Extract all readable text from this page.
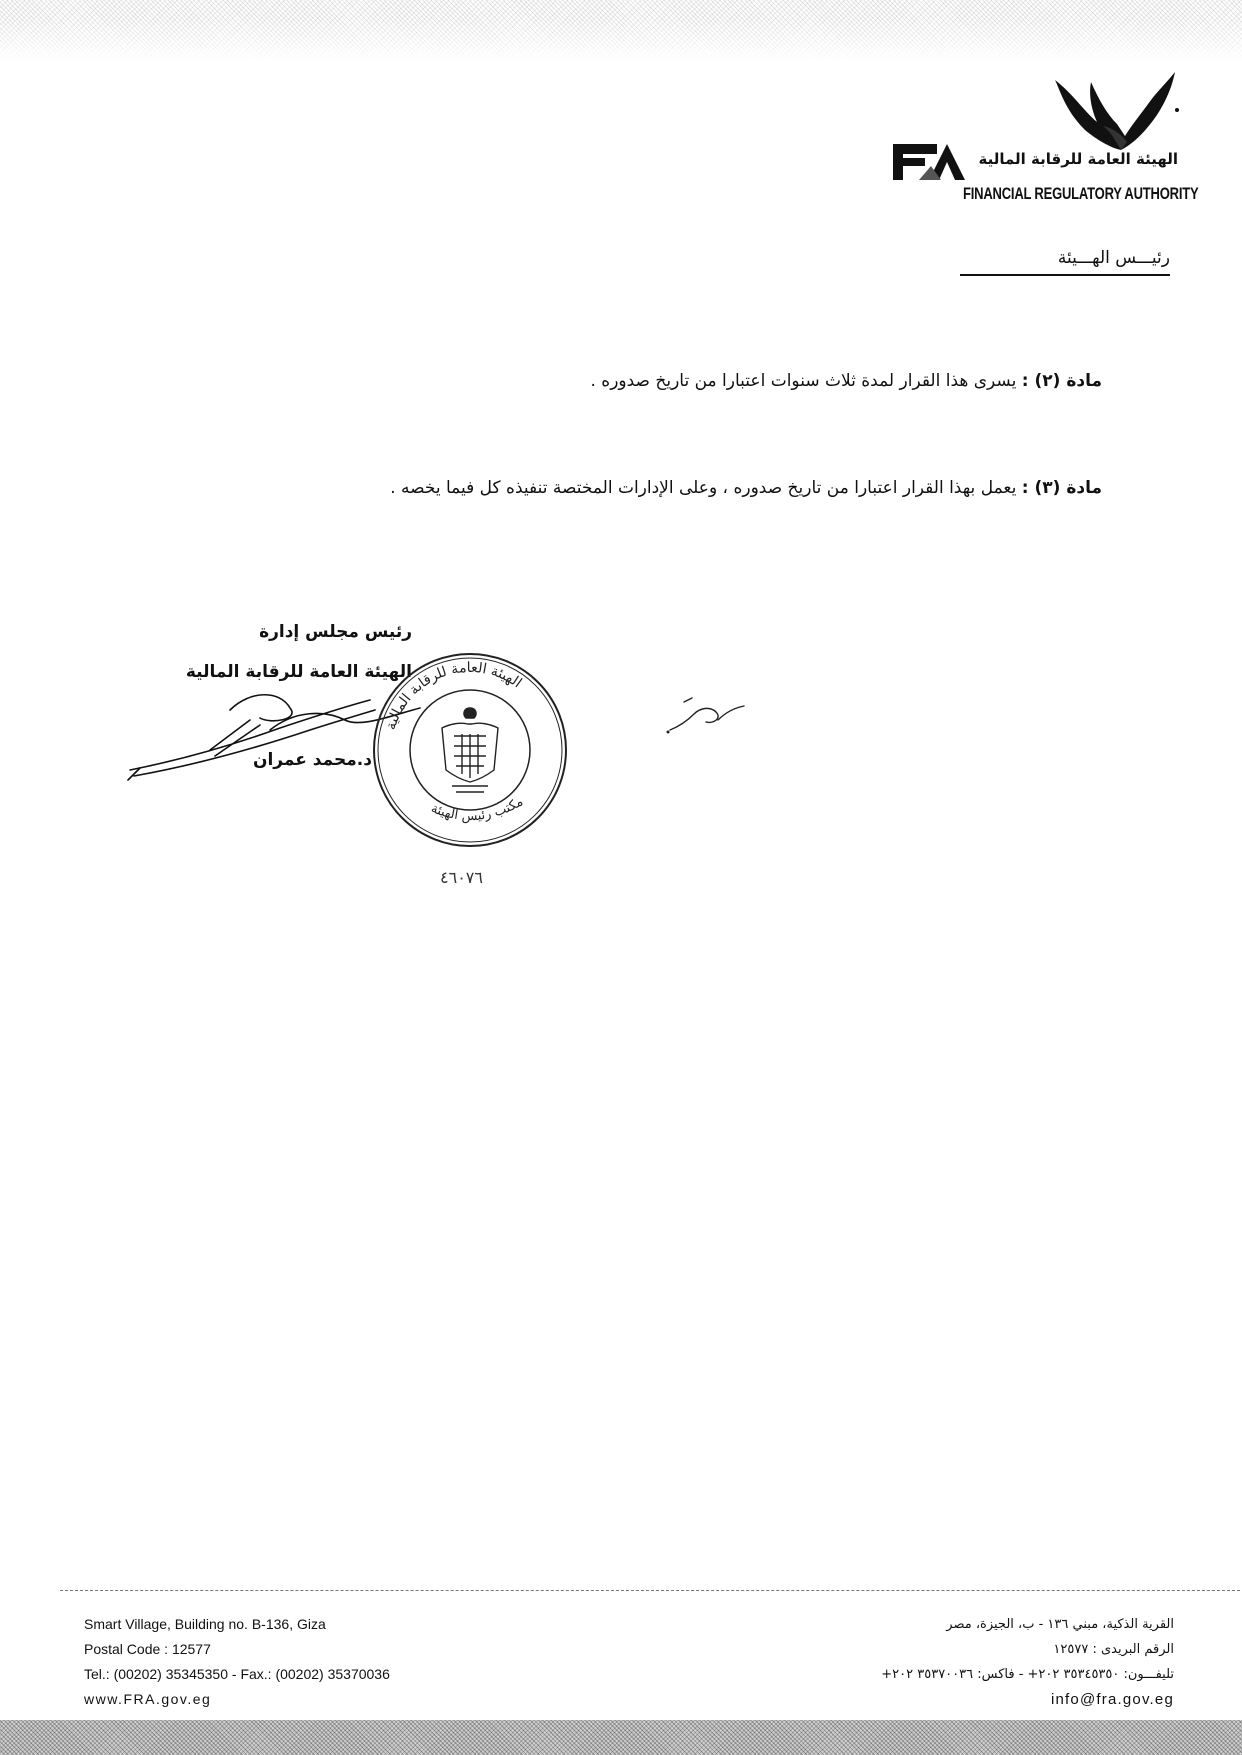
الهيئة العامة للرقابة المالية
FINANCIAL REGULATORY AUTHORITY
رئيـــس الهـــيئة
مادة (٢) : يسرى هذا القرار لمدة ثلاث سنوات اعتبارا من تاريخ صدوره .
مادة (٣) : يعمل بهذا القرار اعتبارا من تاريخ صدوره ، وعلى الإدارات المختصة تنفيذه كل فيما يخصه .
رئيس مجلس إدارة
الهيئة العامة للرقابة المالية
د.محمد عمران
الهيئة العامة للرقابة المالية
مكتب رئيس الهيئة
٤٦٠٧٦
Smart Village, Building no. B-136, Giza
Postal Code : 12577
Tel.: (00202) 35345350 - Fax.: (00202) 35370036
www.FRA.gov.eg
القرية الذكية، مبني ١٣٦ - ب، الجيزة، مصر
الرقم البريدى : ١٢٥٧٧
تليفـــون: ٣٥٣٤٥٣٥٠ ٢٠٢+ - فاكس: ٣٥٣٧٠٠٣٦ ٢٠٢+
info@fra.gov.eg
